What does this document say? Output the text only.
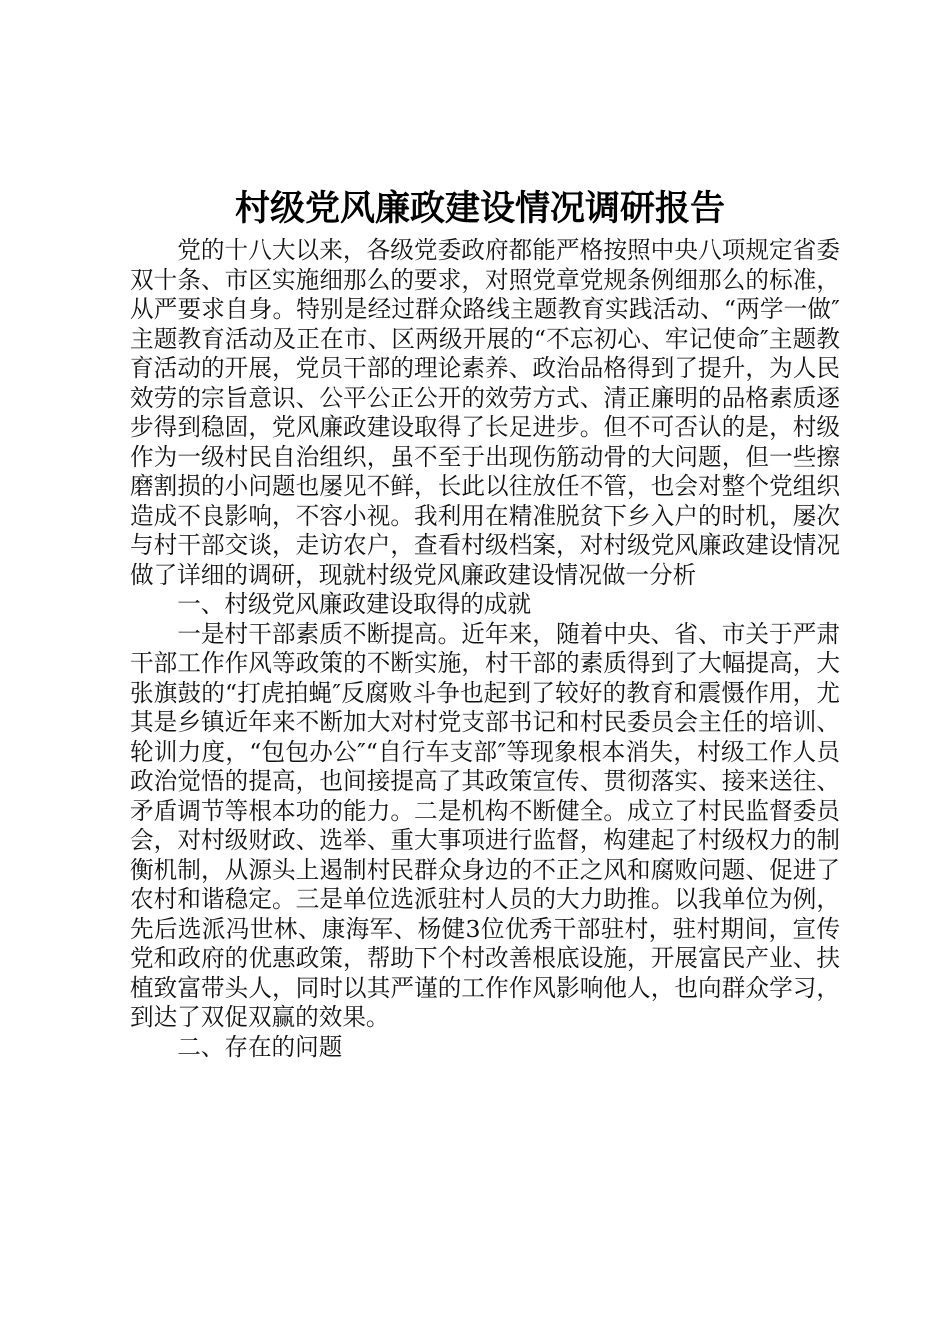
村级党风廉政建设情况调研报告

党的十八大以来，各级党委政府都能严格按照中央八项规定省委双十条、市区实施细那么的要求，对照党章党规条例细那么的标准，从严要求自身。特别是经过群众路线主题教育实践活动、“两学一做″主题教育活动及正在市、区两级开展的“不忘初心、牢记使命″主题教育活动的开展，党员干部的理论素养、政治品格得到了提升，为人民效劳的宗旨意识、公平公正公开的效劳方式、清正廉明的品格素质逐步得到稳固，党风廉政建设取得了长足进步。但不可否认的是，村级作为一级村民自治组织，虽不至于出现伤筋动骨的大问题，但一些擦磨割损的小问题也屡见不鲜，长此以往放任不管，也会对整个党组织造成不良影响，不容小视。我利用在精准脱贫下乡入户的时机，屡次与村干部交谈，走访农户，查看村级档案，对村级党风廉政建设情况做了详细的调研，现就村级党风廉政建设情况做一分析

一、村级党风廉政建设取得的成就

一是村干部素质不断提高。近年来，随着中央、省、市关于严肃干部工作作风等政策的不断实施，村干部的素质得到了大幅提高，大张旗鼓的“打虎拍蝇″反腐败斗争也起到了较好的教育和震慑作用，尤其是乡镇近年来不断加大对村党支部书记和村民委员会主任的培训、轮训力度，“包包办公″“自行车支部″等现象根本消失，村级工作人员政治觉悟的提高，也间接提高了其政策宣传、贯彻落实、接来送往、矛盾调节等根本功的能力。二是机构不断健全。成立了村民监督委员会，对村级财政、选举、重大事项进行监督，构建起了村级权力的制衡机制，从源头上遏制村民群众身边的不正之风和腐败问题、促进了农村和谐稳定。三是单位选派驻村人员的大力助推。以我单位为例，先后选派冯世林、康海军、杨健3位优秀干部驻村，驻村期间，宣传党和政府的优惠政策，帮助下个村改善根底设施，开展富民产业、扶植致富带头人，同时以其严谨的工作作风影响他人，也向群众学习，到达了双促双赢的效果。

二、存在的问题
